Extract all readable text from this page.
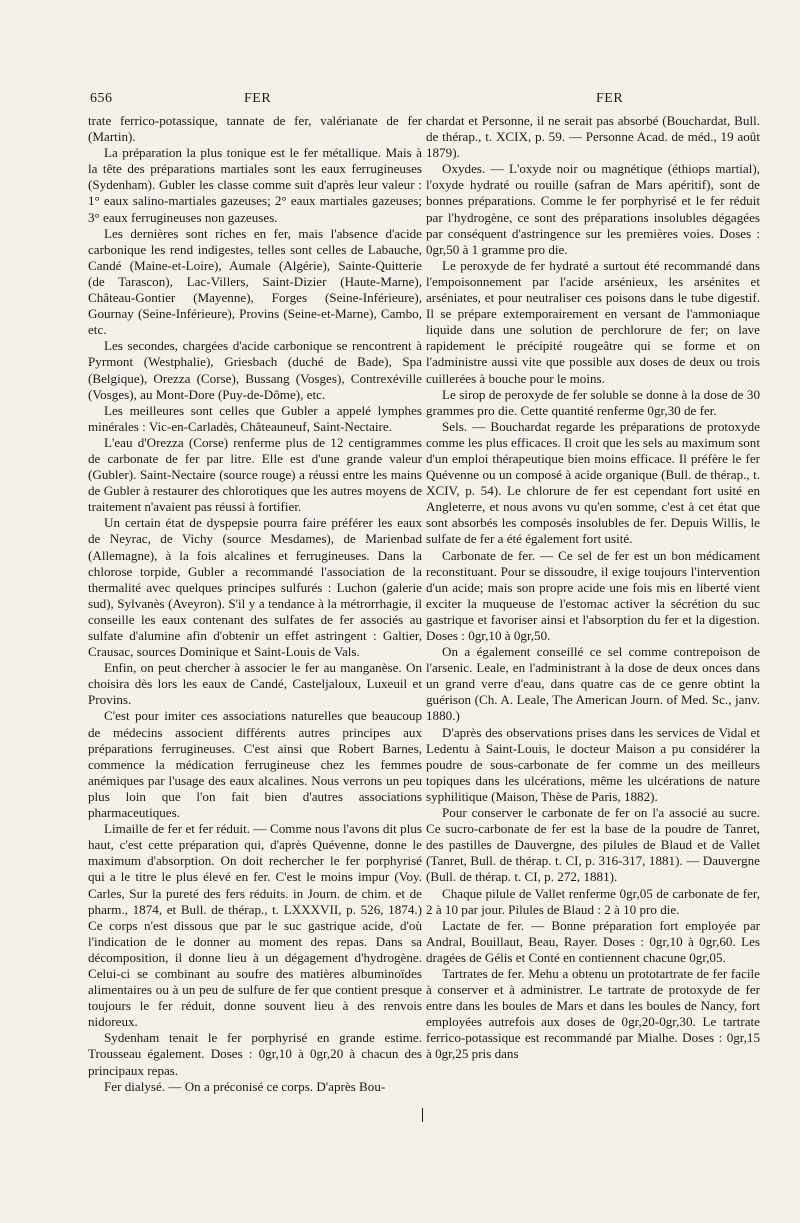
656	FER	FER

trate ferrico-potassique, tannate de fer, valérianate de fer (Martin).

La préparation la plus tonique est le fer métallique. Mais à la tête des préparations martiales sont les eaux ferrugineuses (Sydenham). Gubler les classe comme suit d'après leur valeur : 1° eaux salino-martiales gazeuses; 2° eaux martiales gazeuses; 3° eaux ferrugineuses non gazeuses.

Les dernières sont riches en fer, mais l'absence d'acide carbonique les rend indigestes, telles sont celles de Labauche, Candé (Maine-et-Loire), Aumale (Algérie), Sainte-Quitterie (de Tarascon), Lac-Villers, Saint-Dizier (Haute-Marne), Château-Gontier (Mayenne), Forges (Seine-Inférieure), Gournay (Seine-Inférieure), Provins (Seine-et-Marne), Cambo, etc.

Les secondes, chargées d'acide carbonique se rencontrent à Pyrmont (Westphalie), Griesbach (duché de Bade), Spa (Belgique), Orezza (Corse), Bussang (Vosges), Contrexéville (Vosges), au Mont-Dore (Puy-de-Dôme), etc.

Les meilleures sont celles que Gubler a appelé lymphes minérales : Vic-en-Carladès, Châteauneuf, Saint-Nectaire.

L'eau d'Orezza (Corse) renferme plus de 12 centigrammes de carbonate de fer par litre. Elle est d'une grande valeur (Gubler). Saint-Nectaire (source rouge) a réussi entre les mains de Gubler à restaurer des chlorotiques que les autres moyens de traitement n'avaient pas réussi à fortifier.

Un certain état de dyspepsie pourra faire préférer les eaux de Neyrac, de Vichy (source Mesdames), de Marienbad (Allemagne), à la fois alcalines et ferrugineuses. Dans la chlorose torpide, Gubler a recommandé l'association de la thermalité avec quelques principes sulfurés : Luchon (galerie sud), Sylvanès (Aveyron). S'il y a tendance à la métrorrhagie, il conseille les eaux contenant des sulfates de fer associés au sulfate d'alumine afin d'obtenir un effet astringent : Galtier, Crausac, sources Dominique et Saint-Louis de Vals.

Enfin, on peut chercher à associer le fer au manganèse. On choisira dès lors les eaux de Candé, Casteljaloux, Luxeuil et Provins.

C'est pour imiter ces associations naturelles que beaucoup de médecins associent différents autres principes aux préparations ferrugineuses. C'est ainsi que Robert Barnes, commence la médication ferrugineuse chez les femmes anémiques par l'usage des eaux alcalines. Nous verrons un peu plus loin que l'on fait bien d'autres associations pharmaceutiques.

Limaille de fer et fer réduit. — Comme nous l'avons dit plus haut, c'est cette préparation qui, d'après Quévenne, donne le maximum d'absorption. On doit rechercher le fer porphyrisé qui a le titre le plus élevé en fer. C'est le moins impur (Voy. Carles, Sur la pureté des fers réduits. in Journ. de chim. et de pharm., 1874, et Bull. de thérap., t. LXXXVII, p. 526, 1874.) Ce corps n'est dissous que par le suc gastrique acide, d'où l'indication de le donner au moment des repas. Dans sa décomposition, il donne lieu à un dégagement d'hydrogène. Celui-ci se combinant au soufre des matières albuminoïdes alimentaires ou à un peu de sulfure de fer que contient presque toujours le fer réduit, donne souvent lieu à des renvois nidoreux.

Sydenham tenait le fer porphyrisé en grande estime. Trousseau également. Doses : 0gr,10 à 0gr,20 à chacun des principaux repas.

Fer dialysé. — On a préconisé ce corps. D'après Bou-

chardat et Personne, il ne serait pas absorbé (Bouchardat, Bull. de thérap., t. XCIX, p. 59. — Personne Acad. de méd., 19 août 1879).

Oxydes. — L'oxyde noir ou magnétique (éthiops martial), l'oxyde hydraté ou rouille (safran de Mars apéritif), sont de bonnes préparations. Comme le fer porphyrisé et le fer réduit par l'hydrogène, ce sont des préparations insolubles dégagées par conséquent d'astringence sur les premières voies. Doses : 0gr,50 à 1 gramme pro die.

Le peroxyde de fer hydraté a surtout été recommandé dans l'empoisonnement par l'acide arsénieux, les arsénites et arséniates, et pour neutraliser ces poisons dans le tube digestif. Il se prépare extemporairement en versant de l'ammoniaque liquide dans une solution de perchlorure de fer; on lave rapidement le précipité rougeâtre qui se forme et on l'administre aussi vite que possible aux doses de deux ou trois cuillerées à bouche pour le moins.

Le sirop de peroxyde de fer soluble se donne à la dose de 30 grammes pro die. Cette quantité renferme 0gr,30 de fer.

Sels. — Bouchardat regarde les préparations de protoxyde comme les plus efficaces. Il croit que les sels au maximum sont d'un emploi thérapeutique bien moins efficace. Il préfère le fer Quévenne ou un composé à acide organique (Bull. de thérap., t. XCIV, p. 54). Le chlorure de fer est cependant fort usité en Angleterre, et nous avons vu qu'en somme, c'est à cet état que sont absorbés les composés insolubles de fer. Depuis Willis, le sulfate de fer a été également fort usité.

Carbonate de fer. — Ce sel de fer est un bon médicament reconstituant. Pour se dissoudre, il exige toujours l'intervention d'un acide; mais son propre acide une fois mis en liberté vient exciter la muqueuse de l'estomac activer la sécrétion du suc gastrique et favoriser ainsi et l'absorption du fer et la digestion. Doses : 0gr,10 à 0gr,50.

On a également conseillé ce sel comme contrepoison de l'arsenic. Leale, en l'administrant à la dose de deux onces dans un grand verre d'eau, dans quatre cas de ce genre obtint la guérison (Ch. A. Leale, The American Journ. of Med. Sc., janv. 1880.)

D'après des observations prises dans les services de Vidal et Ledentu à Saint-Louis, le docteur Maison a pu considérer la poudre de sous-carbonate de fer comme un des meilleurs topiques dans les ulcérations, même les ulcérations de nature syphilitique (Maison, Thèse de Paris, 1882).

Pour conserver le carbonate de fer on l'a associé au sucre. Ce sucro-carbonate de fer est la base de la poudre de Tanret, des pastilles de Dauvergne, des pilules de Blaud et de Vallet (Tanret, Bull. de thérap. t. CI, p. 316-317, 1881). — Dauvergne (Bull. de thérap. t. CI, p. 272, 1881).

Chaque pilule de Vallet renferme 0gr,05 de carbonate de fer, 2 à 10 par jour. Pilules de Blaud : 2 à 10 pro die.

Lactate de fer. — Bonne préparation fort employée par Andral, Bouillaut, Beau, Rayer. Doses : 0gr,10 à 0gr,60. Les dragées de Gélis et Conté en contiennent chacune 0gr,05.

Tartrates de fer. Mehu a obtenu un prototartrate de fer facile à conserver et à administrer. Le tartrate de protoxyde de fer entre dans les boules de Mars et dans les boules de Nancy, fort employées autrefois aux doses de 0gr,20-0gr,30. Le tartrate ferrico-potassique est recommandé par Mialhe. Doses : 0gr,15 à 0gr,25 pris dans
